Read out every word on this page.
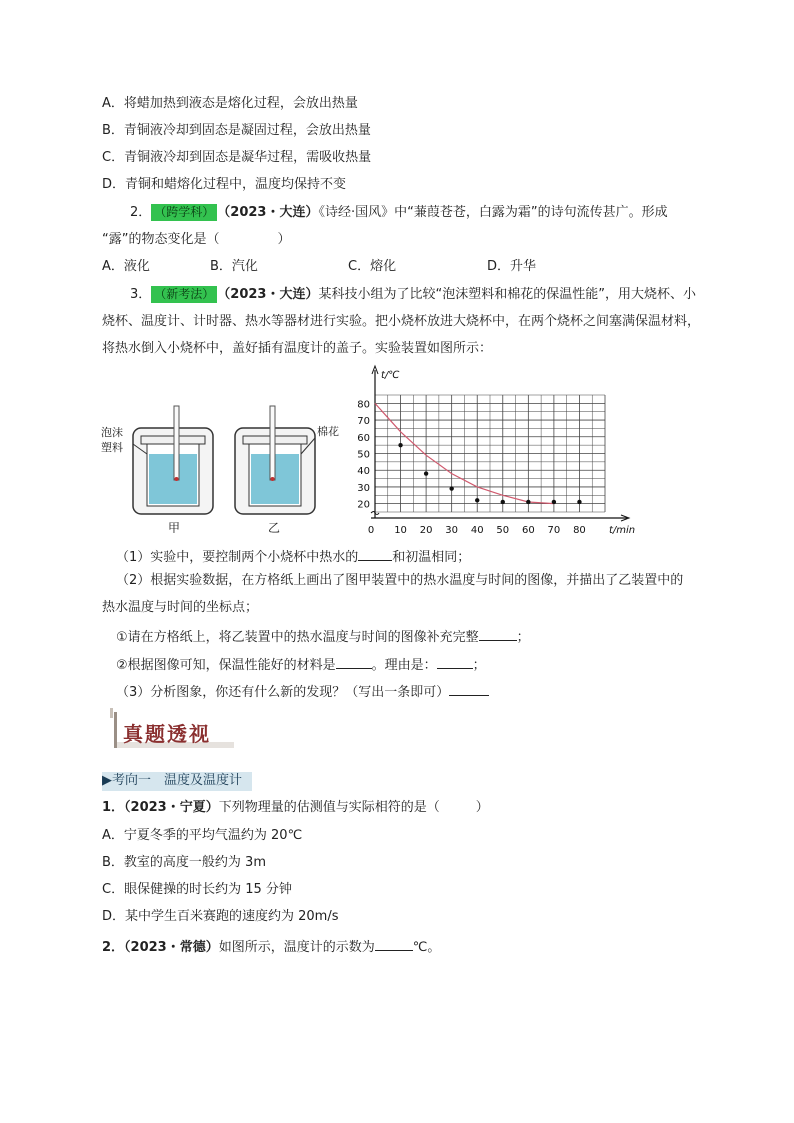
A．将蜡加热到液态是熔化过程，会放出热量
B．青铜液冷却到固态是凝固过程，会放出热量
C．青铜液冷却到固态是凝华过程，需吸收热量
D．青铜和蜡熔化过程中，温度均保持不变
2． （跨学科） （2023・大连）《诗经·国风》中“蒹葭苍苍，白露为霜”的诗句流传甚广。形成
“露”的物态变化是（	）
A．液化	B．汽化	C．熔化	D．升华
3． （新考法） （2023・大连）某科技小组为了比较“泡沫塑料和棉花的保温性能”，用大烧杯、小
烧杯、温度计、计时器、热水等器材进行实验。把小烧杯放进大烧杯中，在两个烧杯之间塞满保温材料，
将热水倒入小烧杯中，盖好插有温度计的盖子。实验装置如图所示：
泡沫
塑料
甲
棉花
乙
20
30
40
50
60
70
80
0 10 20 30 40 50 60 70 80
t/℃
t/min
（1）实验中，要控制两个小烧杯中热水的	和初温相同；
（2）根据实验数据，在方格纸上画出了图甲装置中的热水温度与时间的图像，并描出了乙装置中的
热水温度与时间的坐标点；
①请在方格纸上，将乙装置中的热水温度与时间的图像补充完整	；
②根据图像可知，保温性能好的材料是	。理由是：	；
（3）分析图象，你还有什么新的发现？（写出一条即可）
真题透视
▶考向一　温度及温度计
1．（2023・宁夏）下列物理量的估测值与实际相符的是（	）
A．宁夏冬季的平均气温约为 20℃
B．教室的高度一般约为 3m
C．眼保健操的时长约为 15 分钟
D．某中学生百米赛跑的速度约为 20m/s
2．（2023・常德）如图所示，温度计的示数为	℃。
